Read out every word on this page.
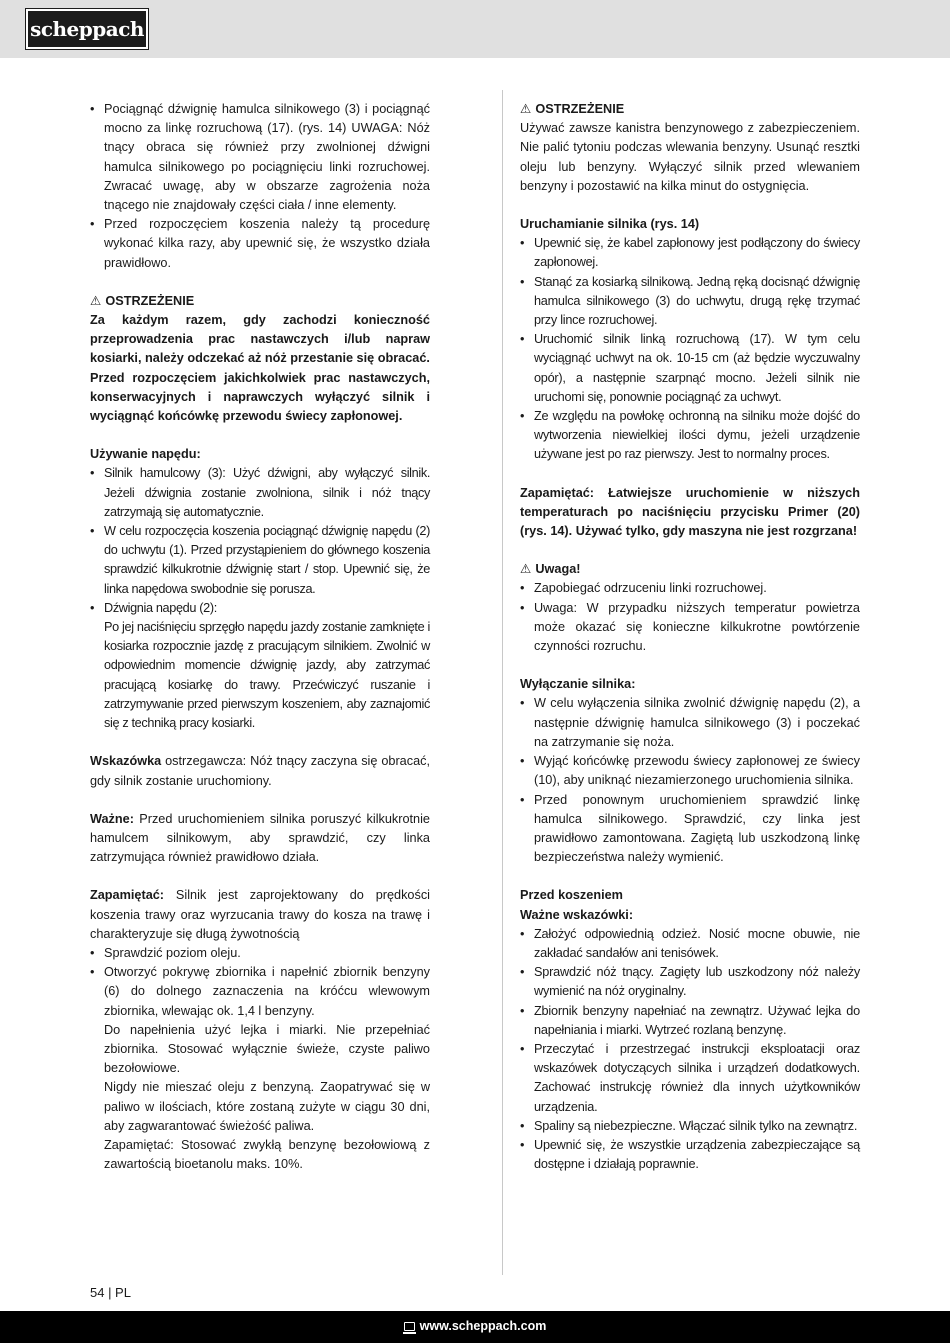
scheppach
• Pociągnąć dźwignię hamulca silnikowego (3) i pociągnąć mocno za linkę rozruchową (17). (rys. 14) UWAGA: Nóż tnący obraca się również przy zwolnionej dźwigni hamulca silnikowego po pociągnięciu linki rozruchowej. Zwracać uwagę, aby w obszarze zagrożenia noża tnącego nie znajdowały części ciała / inne elementy.
• Przed rozpoczęciem koszenia należy tą procedurę wykonać kilka razy, aby upewnić się, że wszystko działa prawidłowo.
⚠ OSTRZEŻENIE

Za każdym razem, gdy zachodzi konieczność przeprowadzenia prac nastawczych i/lub napraw kosiarki, należy odczekać aż nóż przestanie się obracać.

Przed rozpoczęciem jakichkolwiek prac nastawczych, konserwacyjnych i naprawczych wyłączyć silnik i wyciągnąć końcówkę przewodu świecy zapłonowej.

Używanie napędu:
• Silnik hamulcowy (3): Użyć dźwigni, aby wyłączyć silnik. Jeżeli dźwignia zostanie zwolniona, silnik i nóż tnący zatrzymają się automatycznie.
• W celu rozpoczęcia koszenia pociągnąć dźwignię napędu (2) do uchwytu (1). Przed przystąpieniem do głównego koszenia sprawdzić kilkukrotnie dźwignię start / stop. Upewnić się, że linka napędowa swobodnie się porusza.
• Dźwignia napędu (2):

Po jej naciśnięciu sprzęgło napędu jazdy zostanie zamknięte i kosiarka rozpocznie jazdę z pracującym silnikiem. Zwolnić w odpowiednim momencie dźwignię jazdy, aby zatrzymać pracującą kosiarkę do trawy. Przećwiczyć ruszanie i zatrzymywanie przed pierwszym koszeniem, aby zaznajomić się z techniką pracy kosiarki.

Wskazówka ostrzegawcza: Nóż tnący zaczyna się obracać, gdy silnik zostanie uruchomiony.

Ważne: Przed uruchomieniem silnika poruszyć kilkukrotnie hamulcem silnikowym, aby sprawdzić, czy linka zatrzymująca również prawidłowo działa.

Zapamiętać: Silnik jest zaprojektowany do prędkości koszenia trawy oraz wyrzucania trawy do kosza na trawę i charakteryzuje się długą żywotnością

• Sprawdzić poziom oleju.
• Otworzyć pokrywę zbiornika i napełnić zbiornik benzyny (6) do dolnego zaznaczenia na króćcu wlewowym zbiornika, wlewając ok. 1,4 l benzyny.

Do napełnienia użyć lejka i miarki. Nie przepełniać zbiornika. Stosować wyłącznie świeże, czyste paliwo bezołowiowe.

Nigdy nie mieszać oleju z benzyną. Zaopatrywać się w paliwo w ilościach, które zostaną zużyte w ciągu 30 dni, aby zagwarantować świeżość paliwa.

Zapamiętać: Stosować zwykłą benzynę bezołowiową z zawartością bioetanolu maks. 10%.

⚠ OSTRZEŻENIE

Używać zawsze kanistra benzynowego z zabezpieczeniem. Nie palić tytoniu podczas wlewania benzyny. Usunąć resztki oleju lub benzyny. Wyłączyć silnik przed wlewaniem benzyny i pozostawić na kilka minut do ostygnięcia.

Uruchamianie silnika (rys. 14)
• Upewnić się, że kabel zapłonowy jest podłączony do świecy zapłonowej.
• Stanąć za kosiarką silnikową. Jedną ręką docisnąć dźwignię hamulca silnikowego (3) do uchwytu, drugą rękę trzymać przy lince rozruchowej.
• Uruchomić silnik linką rozruchową (17). W tym celu wyciągnąć uchwyt na ok. 10-15 cm (aż będzie wyczuwalny opór), a następnie szarpnąć mocno. Jeżeli silnik nie uruchomi się, ponownie pociągnąć za uchwyt.
• Ze względu na powłokę ochronną na silniku może dojść do wytworzenia niewielkiej ilości dymu, jeżeli urządzenie używane jest po raz pierwszy. Jest to normalny proces.

Zapamiętać: Łatwiejsze uruchomienie w niższych temperaturach po naciśnięciu przycisku Primer (20) (rys. 14). Używać tylko, gdy maszyna nie jest rozgrzana!

⚠ Uwaga!
• Zapobiegać odrzuceniu linki rozruchowej.
• Uwaga: W przypadku niższych temperatur powietrza może okazać się konieczne kilkukrotne powtórzenie czynności rozruchu.
Wyłączanie silnika:
• W celu wyłączenia silnika zwolnić dźwignię napędu (2), a następnie dźwignię hamulca silnikowego (3) i poczekać na zatrzymanie się noża.
• Wyjąć końcówkę przewodu świecy zapłonowej ze świecy (10), aby uniknąć niezamierzonego uruchomienia silnika.
• Przed ponownym uruchomieniem sprawdzić linkę hamulca silnikowego. Sprawdzić, czy linka jest prawidłowo zamontowana. Zagiętą lub uszkodzoną linkę bezpieczeństwa należy wymienić.
Przed koszeniem
Ważne wskazówki:
• Założyć odpowiednią odzież. Nosić mocne obuwie, nie zakładać sandałów ani tenisówek.
• Sprawdzić nóż tnący. Zagięty lub uszkodzony nóż należy wymienić na nóż oryginalny.
• Zbiornik benzyny napełniać na zewnątrz. Używać lejka do napełniania i miarki. Wytrzeć rozlaną benzynę.
• Przeczytać i przestrzegać instrukcji eksploatacji oraz wskazówek dotyczących silnika i urządzeń dodatkowych. Zachować instrukcję również dla innych użytkowników urządzenia.
• Spaliny są niebezpieczne. Włączać silnik tylko na zewnątrz.
• Upewnić się, że wszystkie urządzenia zabezpieczające są dostępne i działają poprawnie.
54 | PL
www.scheppach.com
